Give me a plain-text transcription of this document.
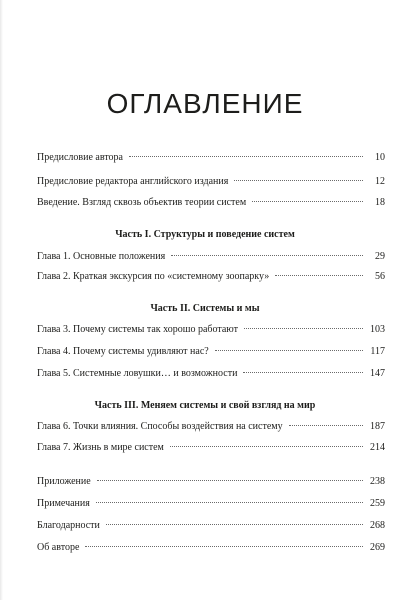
ОГЛАВЛЕНИЕ
Предисловие автора	10
Предисловие редактора английского издания	12
Введение. Взгляд сквозь объектив теории систем	18
Часть I. Структуры и поведение систем
Глава 1. Основные положения	29
Глава 2. Краткая экскурсия по «системному зоопарку»	56
Часть II. Системы и мы
Глава 3. Почему системы так хорошо работают	103
Глава 4. Почему системы удивляют нас?	117
Глава 5. Системные ловушки… и возможности	147
Часть III. Меняем системы и свой взгляд на мир
Глава 6. Точки влияния. Способы воздействия на систему	187
Глава 7. Жизнь в мире систем	214
Приложение	238
Примечания	259
Благодарности	268
Об авторе	269
